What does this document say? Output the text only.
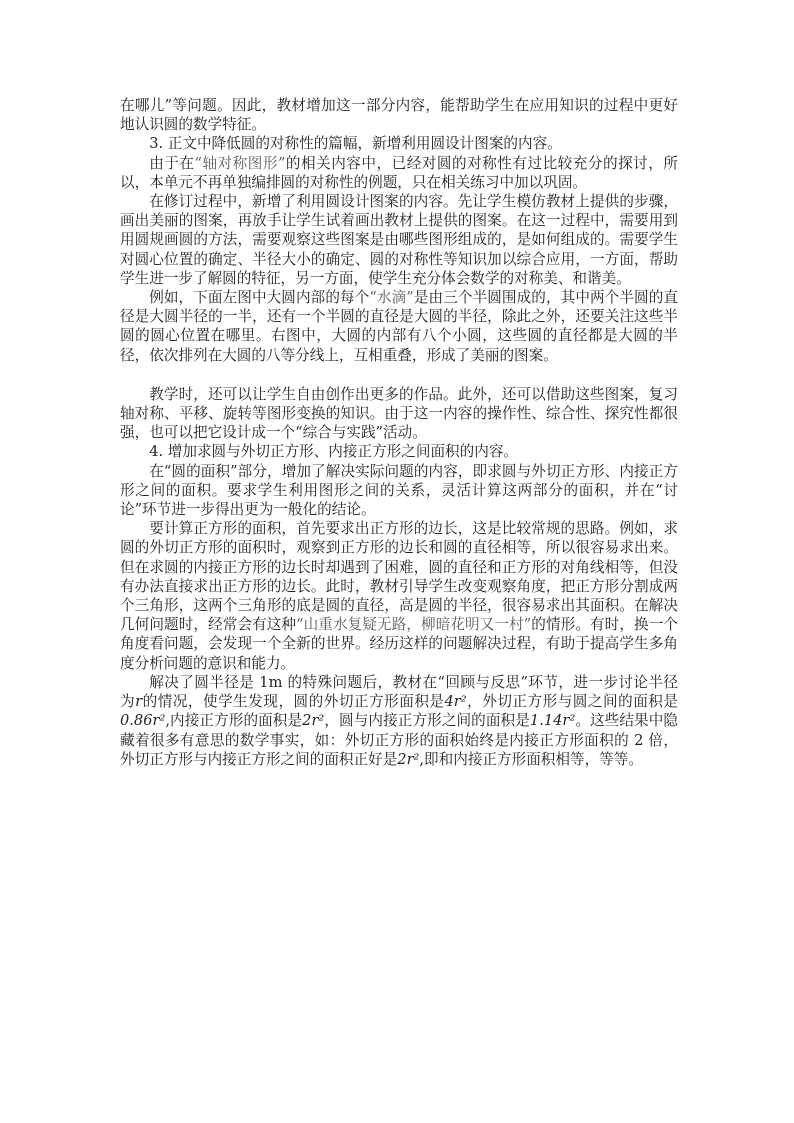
在哪儿”等问题。因此，教材增加这一部分内容，能帮助学生在应用知识的过程中更好地认识圆的数学特征。

3. 正文中降低圆的对称性的篇幅，新增利用圆设计图案的内容。

由于在“轴对称图形”的相关内容中，已经对圆的对称性有过比较充分的探讨，所以，本单元不再单独编排圆的对称性的例题，只在相关练习中加以巩固。

在修订过程中，新增了利用圆设计图案的内容。先让学生模仿教材上提供的步骤，画出美丽的图案，再放手让学生试着画出教材上提供的图案。在这一过程中，需要用到用圆规画圆的方法，需要观察这些图案是由哪些图形组成的，是如何组成的。需要学生对圆心位置的确定、半径大小的确定、圆的对称性等知识加以综合应用，一方面，帮助学生进一步了解圆的特征，另一方面，使学生充分体会数学的对称美、和谐美。

例如，下面左图中大圆内部的每个“水滴”是由三个半圆围成的，其中两个半圆的直径是大圆半径的一半，还有一个半圆的直径是大圆的半径，除此之外，还要关注这些半圆的圆心位置在哪里。右图中，大圆的内部有八个小圆，这些圆的直径都是大圆的半径，依次排列在大圆的八等分线上，互相重叠，形成了美丽的图案。

教学时，还可以让学生自由创作出更多的作品。此外，还可以借助这些图案，复习轴对称、平移、旋转等图形变换的知识。由于这一内容的操作性、综合性、探究性都很强，也可以把它设计成一个“综合与实践”活动。

4. 增加求圆与外切正方形、内接正方形之间面积的内容。

在“圆的面积”部分，增加了解决实际问题的内容，即求圆与外切正方形、内接正方形之间的面积。要求学生利用图形之间的关系，灵活计算这两部分的面积，并在“讨论”环节进一步得出更为一般化的结论。

要计算正方形的面积，首先要求出正方形的边长，这是比较常规的思路。例如，求圆的外切正方形的面积时，观察到正方形的边长和圆的直径相等，所以很容易求出来。但在求圆的内接正方形的边长时却遇到了困难，圆的直径和正方形的对角线相等，但没有办法直接求出正方形的边长。此时，教材引导学生改变观察角度，把正方形分割成两个三角形，这两个三角形的底是圆的直径，高是圆的半径，很容易求出其面积。在解决几何问题时，经常会有这种“山重水复疑无路，柳暗花明又一村”的情形。有时，换一个角度看问题，会发现一个全新的世界。经历这样的问题解决过程，有助于提高学生多角度分析问题的意识和能力。

解决了圆半径是 1m 的特殊问题后，教材在“回顾与反思”环节，进一步讨论半径为r的情况，使学生发现，圆的外切正方形面积是4r²，外切正方形与圆之间的面积是0.86r²,内接正方形的面积是2r²，圆与内接正方形之间的面积是1.14r²。这些结果中隐藏着很多有意思的数学事实，如：外切正方形的面积始终是内接正方形面积的 2 倍，外切正方形与内接正方形之间的面积正好是2r²,即和内接正方形面积相等，等等。
